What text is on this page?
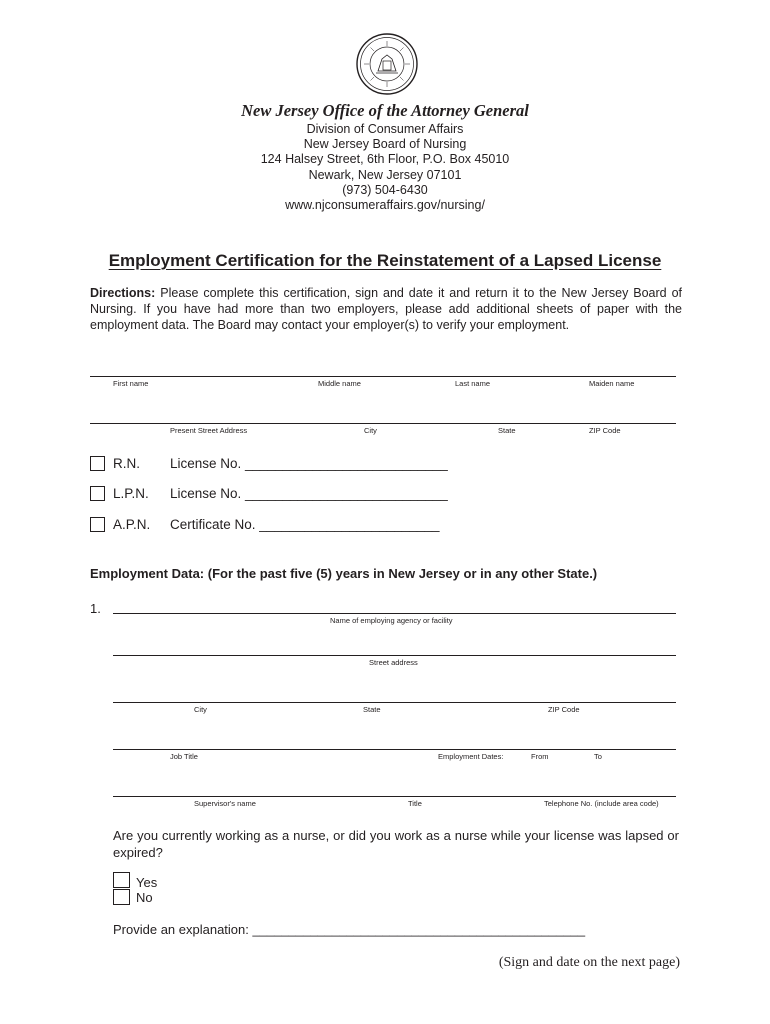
New Jersey Office of the Attorney General
Division of Consumer Affairs
New Jersey Board of Nursing
124 Halsey Street, 6th Floor, P.O. Box 45010
Newark, New Jersey 07101
(973) 504-6430
www.njconsumeraffairs.gov/nursing/
Employment Certification for the Reinstatement of a Lapsed License
Directions: Please complete this certification, sign and date it and return it to the New Jersey Board of Nursing. If you have had more than two employers, please add additional sheets of paper with the employment data. The Board may contact your employer(s) to verify your employment.
First name	Middle name	Last name	Maiden name
Present Street Address	City	State	ZIP Code
R.N. License No. ___________________________
L.P.N. License No. ___________________________
A.P.N. Certificate No. ________________________
Employment Data: (For the past five (5) years in New Jersey or in any other State.)
1.
Name of employing agency or facility
Street address
City	State	ZIP Code
Job Title	Employment Dates:	From	To
Supervisor's name	Title	Telephone No. (include area code)
Are you currently working as a nurse, or did you work as a nurse while your license was lapsed or expired?
Yes
No
Provide an explanation: ______________________________________________
(Sign and date on the next page)
